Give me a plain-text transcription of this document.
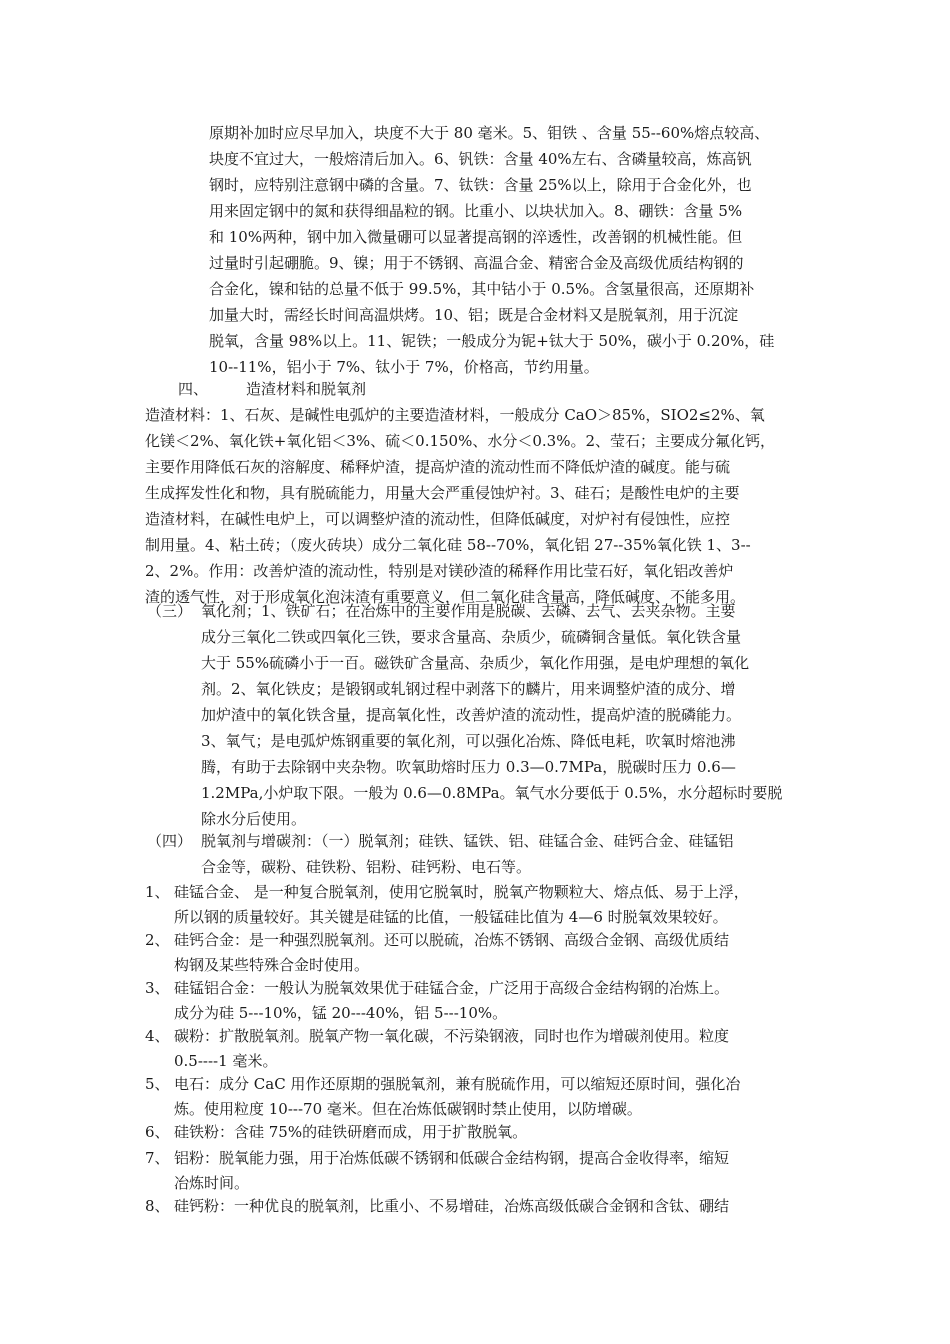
原期补加时应尽早加入，块度不大于 80 毫米。5、钼铁 、含量 55--60%熔点较高、
块度不宜过大，一般熔清后加入。6、钒铁：含量 40%左右、含磷量较高，炼高钒
钢时，应特别注意钢中磷的含量。7、钛铁：含量 25%以上，除用于合金化外，也
用来固定钢中的氮和获得细晶粒的钢。比重小、以块状加入。8、硼铁：含量 5%
和 10%两种，钢中加入微量硼可以显著提高钢的淬透性，改善钢的机械性能。但
过量时引起硼脆。9、镍；用于不锈钢、高温合金、精密合金及高级优质结构钢的
合金化，镍和钴的总量不低于 99.5%，其中钴小于 0.5%。含氢量很高，还原期补
加量大时，需经长时间高温烘烤。10、铝；既是合金材料又是脱氧剂，用于沉淀
脱氧，含量 98%以上。11、铌铁；一般成分为铌+钛大于 50%，碳小于 0.20%，硅
10--11%，铝小于 7%、钛小于 7%，价格高，节约用量。
四、	造渣材料和脱氧剂
造渣材料：1、石灰、是碱性电弧炉的主要造渣材料，一般成分 CaO＞85%，SIO2≤2%、氧
化镁＜2%、氧化铁+氧化铝＜3%、硫＜0.150%、水分＜0.3%。2、莹石；主要成分氟化钙，
主要作用降低石灰的溶解度、稀释炉渣，提高炉渣的流动性而不降低炉渣的碱度。能与硫
生成挥发性化和物，具有脱硫能力，用量大会严重侵蚀炉衬。3、硅石；是酸性电炉的主要
造渣材料，在碱性电炉上，可以调整炉渣的流动性，但降低碱度，对炉衬有侵蚀性，应控
制用量。4、粘土砖；（废火砖块）成分二氧化硅 58--70%，氧化铝 27--35%氧化铁 1、3--
2、2%。作用：改善炉渣的流动性，特别是对镁砂渣的稀释作用比莹石好，氧化铝改善炉
渣的透气性，对于形成氧化泡沫渣有重要意义，但二氧化硅含量高，降低碱度、不能多用。
（三） 氧化剂；1、铁矿石；在冶炼中的主要作用是脱碳、去磷、去气、去夹杂物。主要
成分三氧化二铁或四氧化三铁，要求含量高、杂质少，硫磷铜含量低。氧化铁含量
大于 55%硫磷小于一百。磁铁矿含量高、杂质少，氧化作用强，是电炉理想的氧化
剂。2、氧化铁皮；是锻钢或轧钢过程中剥落下的麟片，用来调整炉渣的成分、增
加炉渣中的氧化铁含量，提高氧化性，改善炉渣的流动性，提高炉渣的脱磷能力。
3、氧气；是电弧炉炼钢重要的氧化剂，可以强化冶炼、降低电耗，吹氧时熔池沸
腾，有助于去除钢中夹杂物。吹氧助熔时压力 0.3—0.7MPa，脱碳时压力 0.6—
1.2MPa,小炉取下限。一般为 0.6—0.8MPa。氧气水分要低于 0.5%，水分超标时要脱
除水分后使用。
（四） 脱氧剂与增碳剂：（一）脱氧剂；硅铁、锰铁、铝、硅锰合金、硅钙合金、硅锰铝
合金等，碳粉、硅铁粉、铝粉、硅钙粉、电石等。
1、 硅锰合金、 是一种复合脱氧剂，使用它脱氧时，脱氧产物颗粒大、熔点低、易于上浮，
所以钢的质量较好。其关键是硅锰的比值，一般锰硅比值为 4—6 时脱氧效果较好。
2、 硅钙合金：是一种强烈脱氧剂。还可以脱硫，冶炼不锈钢、高级合金钢、高级优质结
构钢及某些特殊合金时使用。
3、 硅锰铝合金：一般认为脱氧效果优于硅锰合金，广泛用于高级合金结构钢的冶炼上。
成分为硅 5---10%，锰 20---40%，铝 5---10%。
4、 碳粉：扩散脱氧剂。脱氧产物一氧化碳，不污染钢液，同时也作为增碳剂使用。粒度
0.5----1 毫米。
5、 电石：成分 CaC 用作还原期的强脱氧剂，兼有脱硫作用，可以缩短还原时间，强化冶
炼。使用粒度 10---70 毫米。但在冶炼低碳钢时禁止使用，以防增碳。
6、 硅铁粉：含硅 75%的硅铁研磨而成，用于扩散脱氧。
7、 铝粉：脱氧能力强，用于冶炼低碳不锈钢和低碳合金结构钢，提高合金收得率，缩短
冶炼时间。
8、 硅钙粉：一种优良的脱氧剂，比重小、不易增硅，冶炼高级低碳合金钢和含钛、硼结
